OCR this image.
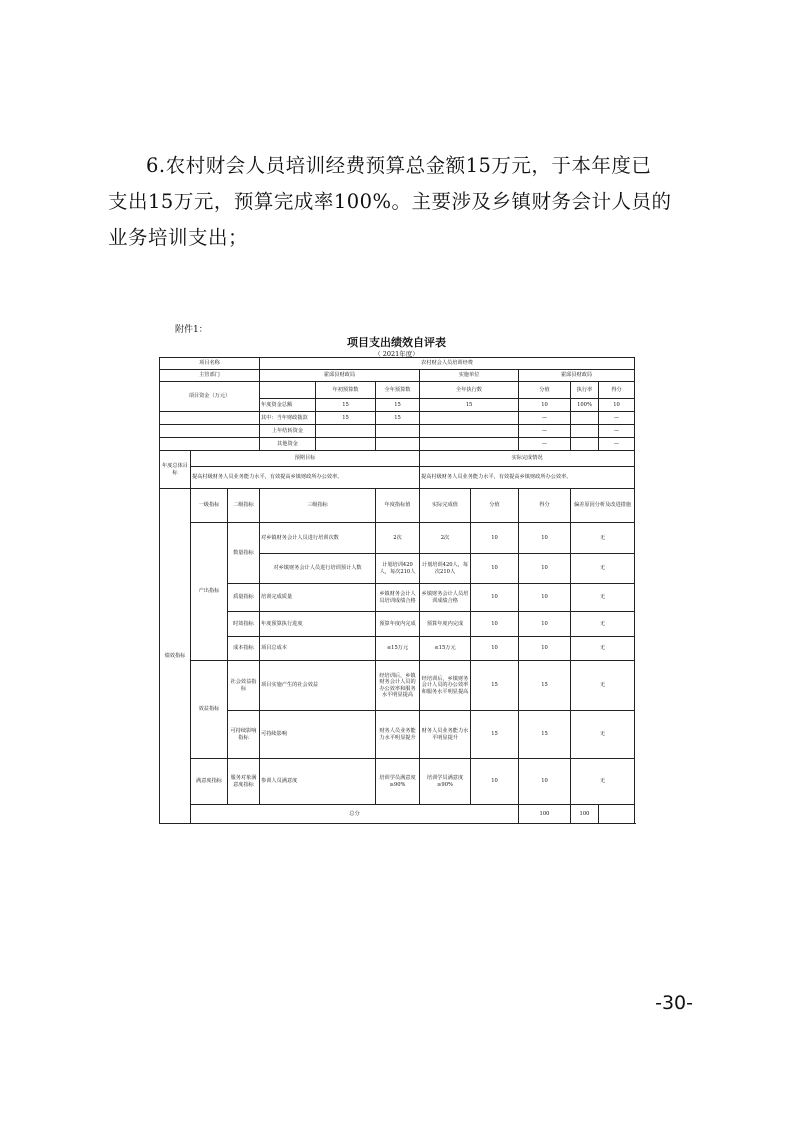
6.农村财会人员培训经费预算总金额15万元，于本年度已
支出15万元，预算完成率100%。主要涉及乡镇财务会计人员的
业务培训支出；
附件1：
项目支出绩效自评表
（ 2021年度）
项目名称			农村财会人员培训经费							
主管部门			霍邱县财政局			实施单位		霍邱县财政局		
项目资金（万元）				年初预算数	全年预算数	全年执行数		分值	执行率	得分
			年度资金总额	15	15	15		10	100%	10
			其中：当年财政拨款	15	15			—		—
			上年结转资金					—		—
			其他资金					—		—
年度总体目标	预期目标					实际完成情况				
	提高村级财务人员业务能力水平，有效提高乡镇财政所办公效率。					提高村级财务人员业务能力水平，有效提高乡镇财政所办公效率。				
绩效指标	一级指标	二级指标	三级指标		年度指标值	实际完成值	分值	得分	偏差原因分析及改进措施	
	产出指标	数量指标	对乡镇财务会计人员进行培训次数		2次	2次	10	10	无	
			对乡镇财务会计人员进行培训预计人数		计划培训420人，每次210人	计划培训420人，每次210人	10	10	无	
		质量指标	培训完成质量		乡镇财务会计人员培训成绩合格	乡镇财务会计人员培训成绩合格	10	10	无	
		时效指标	年度预算执行进度		预算年度内完成	预算年度内完成	10	10	无	
		成本指标	项目总成本		≤15万元	≤15万元	10	10	无	
	效益指标	社会效益指标	项目实施产生的社会效益		经培训后，乡镇财务会计人员的办公效率和服务水平明显提高	经培训后，乡镇财务会计人员的办公效率和服务水平明显提高	15	15	无	
		可持续影响指标	可持续影响		财务人员业务能力水平明显提升	财务人员业务能力水平明显提升	15	15	无	
	满意度指标	服务对象满意度指标	参训人员满意度		培训学员满意度≥90%	培训学员满意度≥90%	10	10	无	
	总分							100	100	
-30-
